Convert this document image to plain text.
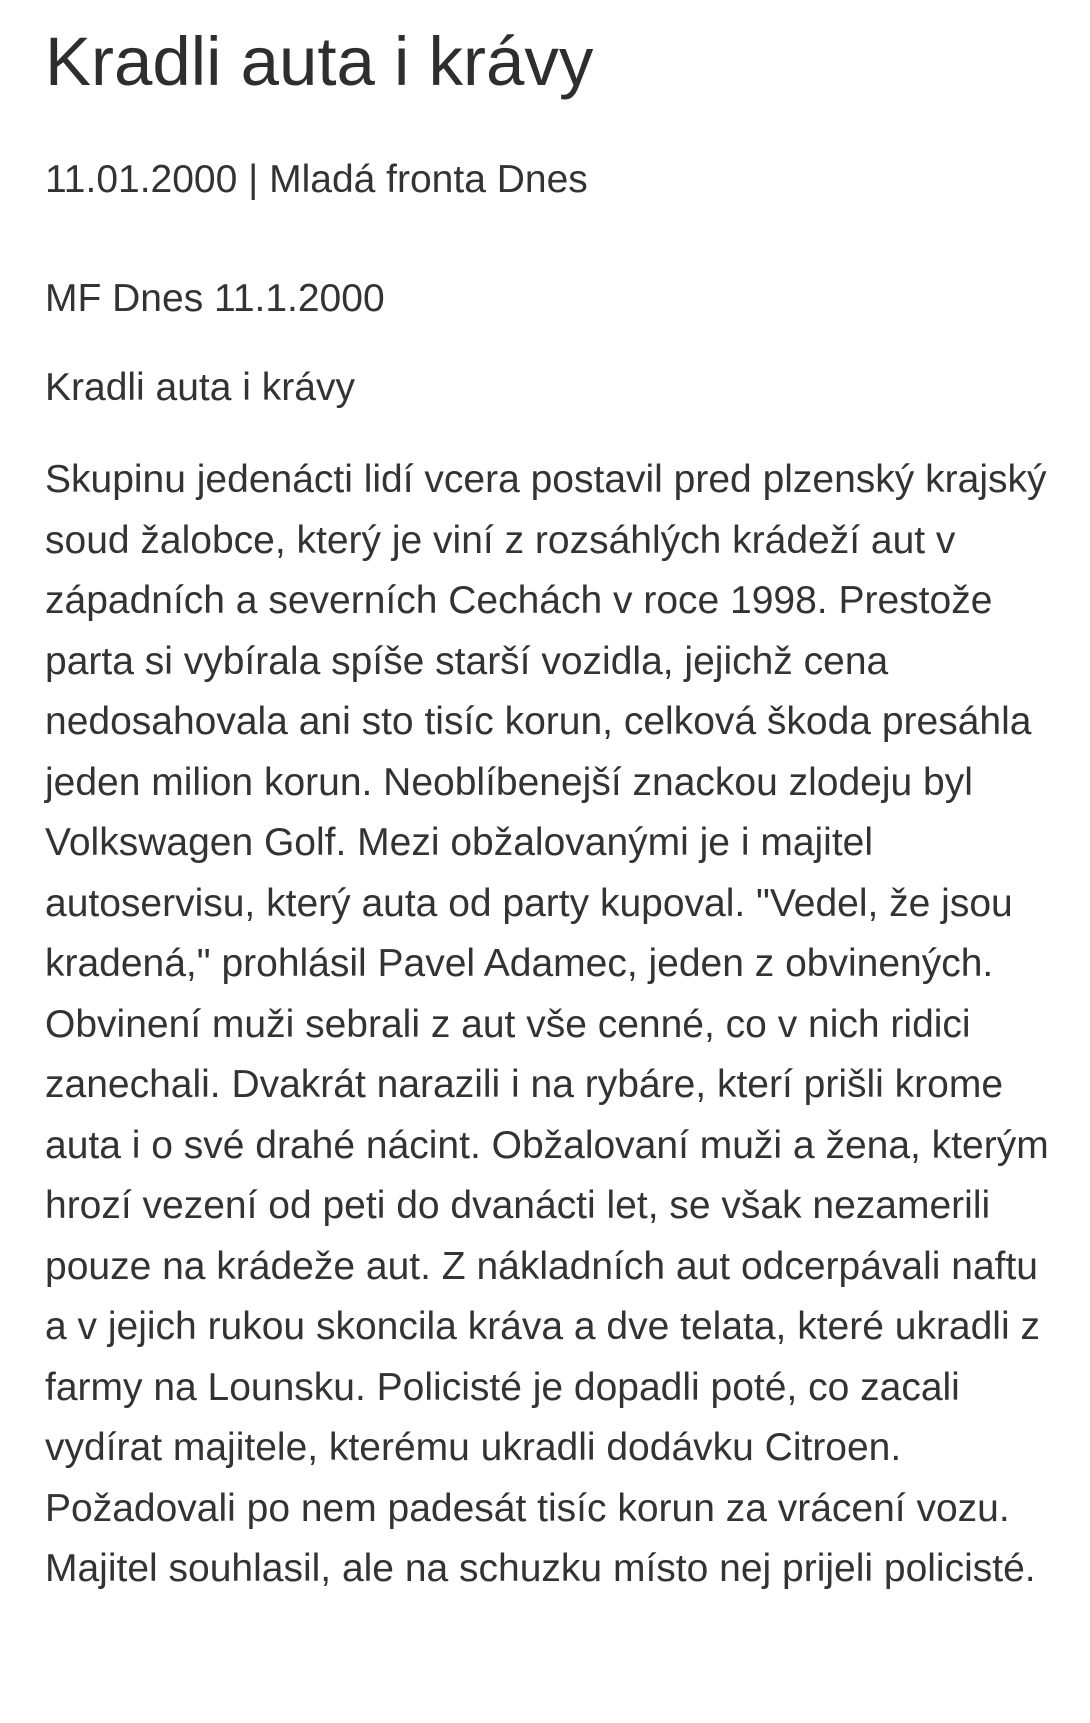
Kradli auta i krávy
11.01.2000 | Mladá fronta Dnes
MF Dnes 11.1.2000
Kradli auta i krávy

Skupinu jedenácti lidí vcera postavil pred plzenský krajský soud žalobce, který je viní z rozsáhlých krádeží aut v západních a severních Cechách v roce 1998. Prestože parta si vybírala spíše starší vozidla, jejichž cena nedosahovala ani sto tisíc korun, celková škoda presáhla jeden milion korun. Neoblíbenejší znackou zlodeju byl Volkswagen Golf. Mezi obžalovanými je i majitel autoservisu, který auta od party kupoval. "Vedel, že jsou kradená," prohlásil Pavel Adamec, jeden z obvinených. Obvinení muži sebrali z aut vše cenné, co v nich ridici zanechali. Dvakrát narazili i na rybáre, kterí prišli krome auta i o své drahé nácint. Obžalovaní muži a žena, kterým hrozí vezení od peti do dvanácti let, se však nezamerili pouze na krádeže aut. Z nákladních aut odcerpávali naftu a v jejich rukou skoncila kráva a dve telata, které ukradli z farmy na Lounsku. Policisté je dopadli poté, co zacali vydírat majitele, kterému ukradli dodávku Citroen. Požadovali po nem padesát tisíc korun za vrácení vozu. Majitel souhlasil, ale na schuzku místo nej prijeli policisté.
